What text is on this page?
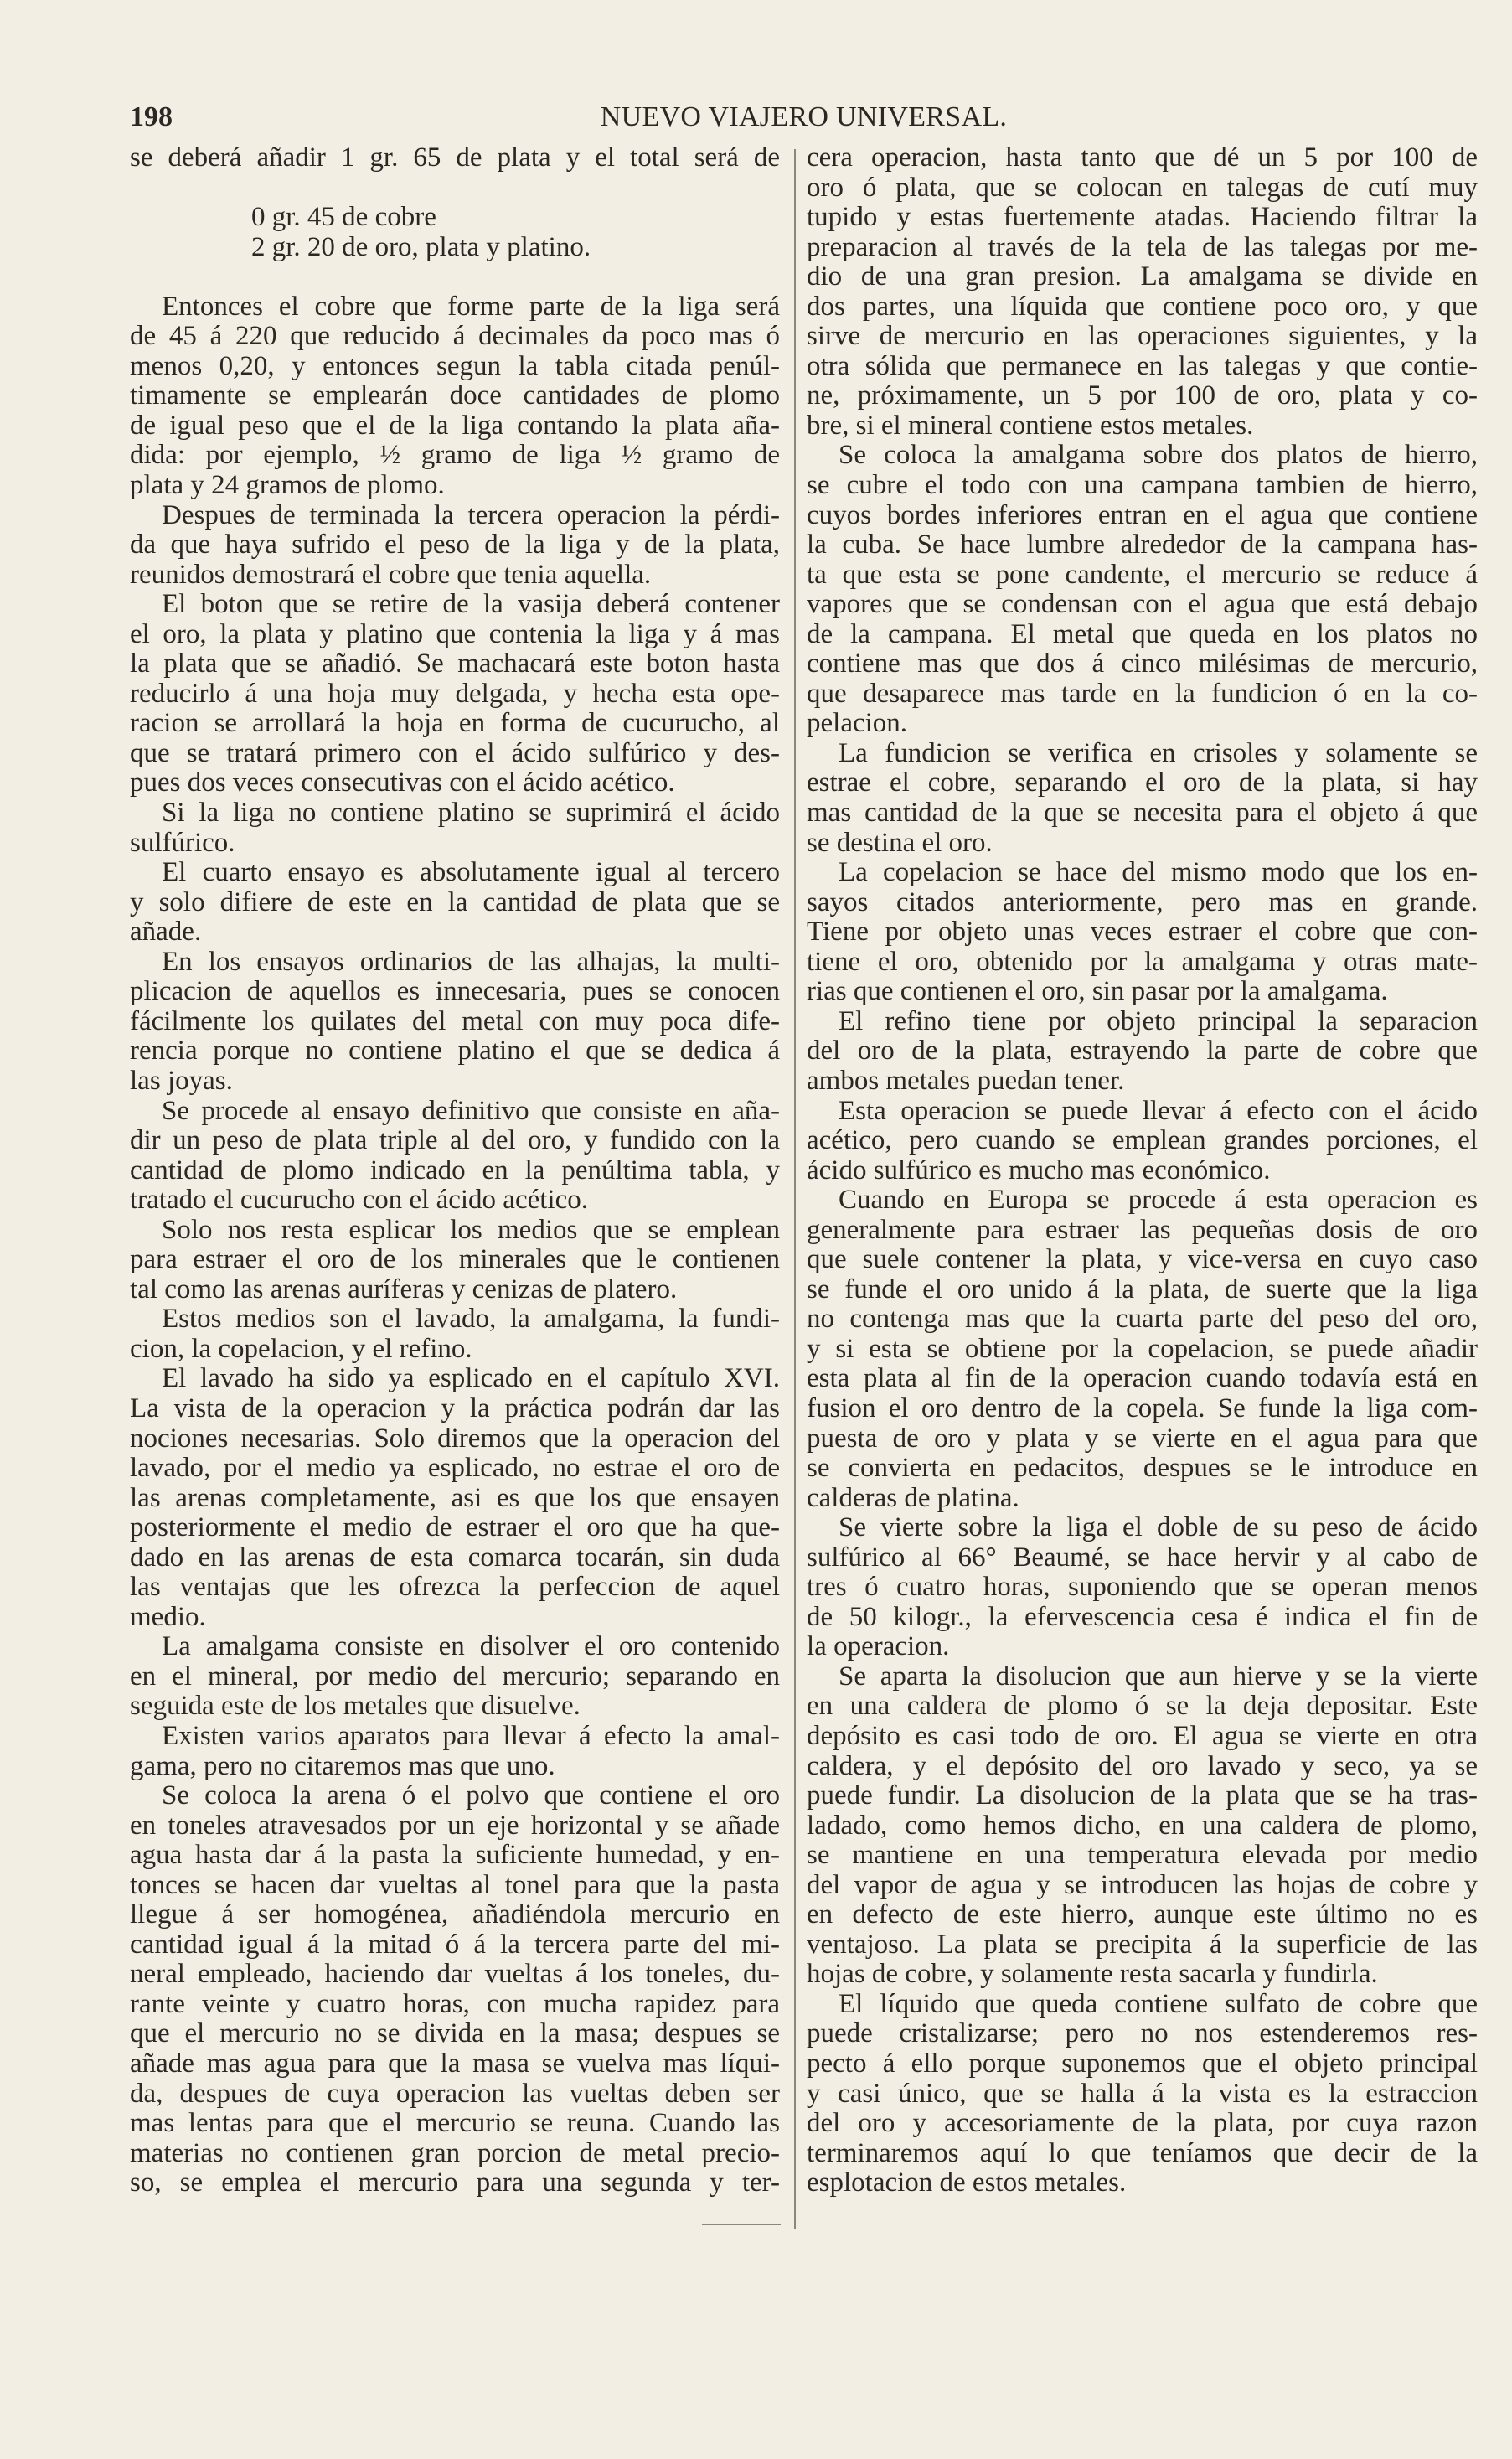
198	NUEVO VIAJERO UNIVERSAL.
se deberá añadir 1 gr. 65 de plata y el total será de
0 gr. 45 de cobre
2 gr. 20 de oro, plata y platino.
Entonces el cobre que forme parte de la liga será
de 45 á 220 que reducido á decimales da poco mas ó
menos 0,20, y entonces segun la tabla citada penúl-
timamente se emplearán doce cantidades de plomo
de igual peso que el de la liga contando la plata aña-
dida: por ejemplo, ½ gramo de liga ½ gramo de
plata y 24 gramos de plomo.
Despues de terminada la tercera operacion la pérdi-
da que haya sufrido el peso de la liga y de la plata,
reunidos demostrará el cobre que tenia aquella.
El boton que se retire de la vasija deberá contener
el oro, la plata y platino que contenia la liga y á mas
la plata que se añadió. Se machacará este boton hasta
reducirlo á una hoja muy delgada, y hecha esta ope-
racion se arrollará la hoja en forma de cucurucho, al
que se tratará primero con el ácido sulfúrico y des-
pues dos veces consecutivas con el ácido acético.
Si la liga no contiene platino se suprimirá el ácido
sulfúrico.
El cuarto ensayo es absolutamente igual al tercero
y solo difiere de este en la cantidad de plata que se
añade.
En los ensayos ordinarios de las alhajas, la multi-
plicacion de aquellos es innecesaria, pues se conocen
fácilmente los quilates del metal con muy poca dife-
rencia porque no contiene platino el que se dedica á
las joyas.
Se procede al ensayo definitivo que consiste en aña-
dir un peso de plata triple al del oro, y fundido con la
cantidad de plomo indicado en la penúltima tabla, y
tratado el cucurucho con el ácido acético.
Solo nos resta esplicar los medios que se emplean
para estraer el oro de los minerales que le contienen
tal como las arenas auríferas y cenizas de platero.
Estos medios son el lavado, la amalgama, la fundi-
cion, la copelacion, y el refino.
El lavado ha sido ya esplicado en el capítulo XVI.
La vista de la operacion y la práctica podrán dar las
nociones necesarias. Solo diremos que la operacion del
lavado, por el medio ya esplicado, no estrae el oro de
las arenas completamente, asi es que los que ensayen
posteriormente el medio de estraer el oro que ha que-
dado en las arenas de esta comarca tocarán, sin duda
las ventajas que les ofrezca la perfeccion de aquel
medio.
La amalgama consiste en disolver el oro contenido
en el mineral, por medio del mercurio; separando en
seguida este de los metales que disuelve.
Existen varios aparatos para llevar á efecto la amal-
gama, pero no citaremos mas que uno.
Se coloca la arena ó el polvo que contiene el oro
en toneles atravesados por un eje horizontal y se añade
agua hasta dar á la pasta la suficiente humedad, y en-
tonces se hacen dar vueltas al tonel para que la pasta
llegue á ser homogénea, añadiéndola mercurio en
cantidad igual á la mitad ó á la tercera parte del mi-
neral empleado, haciendo dar vueltas á los toneles, du-
rante veinte y cuatro horas, con mucha rapidez para
que el mercurio no se divida en la masa; despues se
añade mas agua para que la masa se vuelva mas líqui-
da, despues de cuya operacion las vueltas deben ser
mas lentas para que el mercurio se reuna. Cuando las
materias no contienen gran porcion de metal precio-
so, se emplea el mercurio para una segunda y ter-
cera operacion, hasta tanto que dé un 5 por 100 de
oro ó plata, que se colocan en talegas de cutí muy
tupido y estas fuertemente atadas. Haciendo filtrar la
preparacion al través de la tela de las talegas por me-
dio de una gran presion. La amalgama se divide en
dos partes, una líquida que contiene poco oro, y que
sirve de mercurio en las operaciones siguientes, y la
otra sólida que permanece en las talegas y que contie-
ne, próximamente, un 5 por 100 de oro, plata y co-
bre, si el mineral contiene estos metales.
Se coloca la amalgama sobre dos platos de hierro,
se cubre el todo con una campana tambien de hierro,
cuyos bordes inferiores entran en el agua que contiene
la cuba. Se hace lumbre alrededor de la campana has-
ta que esta se pone candente, el mercurio se reduce á
vapores que se condensan con el agua que está debajo
de la campana. El metal que queda en los platos no
contiene mas que dos á cinco milésimas de mercurio,
que desaparece mas tarde en la fundicion ó en la co-
pelacion.
La fundicion se verifica en crisoles y solamente se
estrae el cobre, separando el oro de la plata, si hay
mas cantidad de la que se necesita para el objeto á que
se destina el oro.
La copelacion se hace del mismo modo que los en-
sayos citados anteriormente, pero mas en grande.
Tiene por objeto unas veces estraer el cobre que con-
tiene el oro, obtenido por la amalgama y otras mate-
rias que contienen el oro, sin pasar por la amalgama.
El refino tiene por objeto principal la separacion
del oro de la plata, estrayendo la parte de cobre que
ambos metales puedan tener.
Esta operacion se puede llevar á efecto con el ácido
acético, pero cuando se emplean grandes porciones, el
ácido sulfúrico es mucho mas económico.
Cuando en Europa se procede á esta operacion es
generalmente para estraer las pequeñas dosis de oro
que suele contener la plata, y vice-versa en cuyo caso
se funde el oro unido á la plata, de suerte que la liga
no contenga mas que la cuarta parte del peso del oro,
y si esta se obtiene por la copelacion, se puede añadir
esta plata al fin de la operacion cuando todavía está en
fusion el oro dentro de la copela. Se funde la liga com-
puesta de oro y plata y se vierte en el agua para que
se convierta en pedacitos, despues se le introduce en
calderas de platina.
Se vierte sobre la liga el doble de su peso de ácido
sulfúrico al 66° Beaumé, se hace hervir y al cabo de
tres ó cuatro horas, suponiendo que se operan menos
de 50 kilogr., la efervescencia cesa é indica el fin de
la operacion.
Se aparta la disolucion que aun hierve y se la vierte
en una caldera de plomo ó se la deja depositar. Este
depósito es casi todo de oro. El agua se vierte en otra
caldera, y el depósito del oro lavado y seco, ya se
puede fundir. La disolucion de la plata que se ha tras-
ladado, como hemos dicho, en una caldera de plomo,
se mantiene en una temperatura elevada por medio
del vapor de agua y se introducen las hojas de cobre y
en defecto de este hierro, aunque este último no es
ventajoso. La plata se precipita á la superficie de las
hojas de cobre, y solamente resta sacarla y fundirla.
El líquido que queda contiene sulfato de cobre que
puede cristalizarse; pero no nos estenderemos res-
pecto á ello porque suponemos que el objeto principal
y casi único, que se halla á la vista es la estraccion
del oro y accesoriamente de la plata, por cuya razon
terminaremos aquí lo que teníamos que decir de la
esplotacion de estos metales.
